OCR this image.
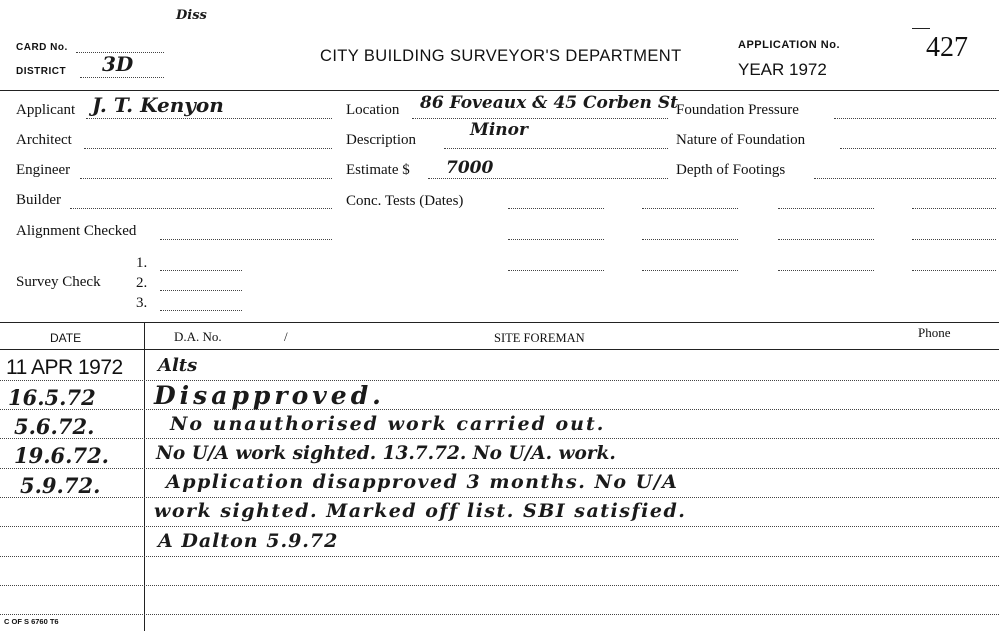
Diss
CARD No.
DISTRICT 3D	CITY BUILDING SURVEYOR'S DEPARTMENT
APPLICATION No.	427
YEAR 1972
Applicant J. T. Kenyon
Architect
Engineer
Builder
Alignment Checked
Survey Check
1.
2.
3.
Location 86 Foveaux & 45 Corben St
Description	Minor
Estimate $ 7000
Conc. Tests (Dates)
Foundation Pressure
Nature of Foundation
Depth of Footings
DATE	D.A. No.	/	SITE FOREMAN	Phone
11 APR 1972 Alts
16.5.72 Disapproved.
5.6.72.	No unauthorised work carried out.
19.6.72.	No U/A work sighted. 13.7.72. No U/A. work.
5.9.72.	Application disapproved 3 months. No U/A
work sighted. Marked off list. SBI satisfied.
A Dalton 5.9.72
C OF S 6760 T6
